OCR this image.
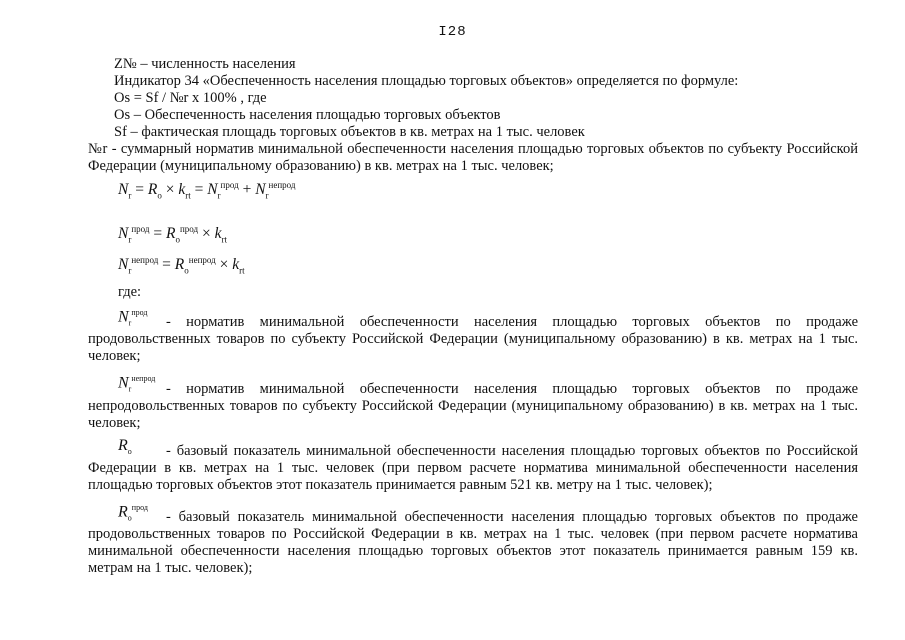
I28
Z№ – численность населения
Индикатор 34 «Обеспеченность населения площадью торговых объектов» определяется по формуле:
Os = Sf / №r x 100% , где
Os – Обеспеченность населения площадью торговых объектов
Sf – фактическая площадь торговых объектов в кв. метрах на 1 тыс. человек
№r - суммарный норматив минимальной обеспеченности населения площадью торговых объектов по субъекту Российской Федерации (муниципальному образованию) в кв. метрах на 1 тыс. человек;
$N_r = R_o \times k_{rt} = N_r^{прод} + N_r^{непрод}$
$N_r^{прод} = R_o^{прод} \times k_{rt}$
$N_r^{непрод} = R_o^{непрод} \times k_{rt}$
где:
$N_r^{прод}$
- норматив минимальной обеспеченности населения площадью торговых объектов по продаже
продовольственных товаров по субъекту Российской Федерации (муниципальному образованию) в кв. метрах на 1 тыс. человек;
$N_r^{непрод}$
- норматив минимальной обеспеченности населения площадью торговых объектов по продаже
непродовольственных товаров по субъекту Российской Федерации (муниципальному образованию) в кв. метрах на 1 тыс. человек;
$R_o$	- базовый показатель минимальной обеспеченности населения площадью торговых объектов по Российской
Федерации в кв. метрах на 1 тыс. человек (при первом расчете норматива минимальной обеспеченности населения площадью торговых объектов этот показатель принимается равным 521 кв. метру на 1 тыс. человек);
$R_o^{прод}$
- базовый показатель минимальной обеспеченности населения площадью торговых объектов по продаже
продовольственных товаров по Российской Федерации в кв. метрах на 1 тыс. человек (при первом расчете норматива минимальной обеспеченности населения площадью торговых объектов этот показатель принимается равным 159 кв. метрам на 1 тыс. человек);
